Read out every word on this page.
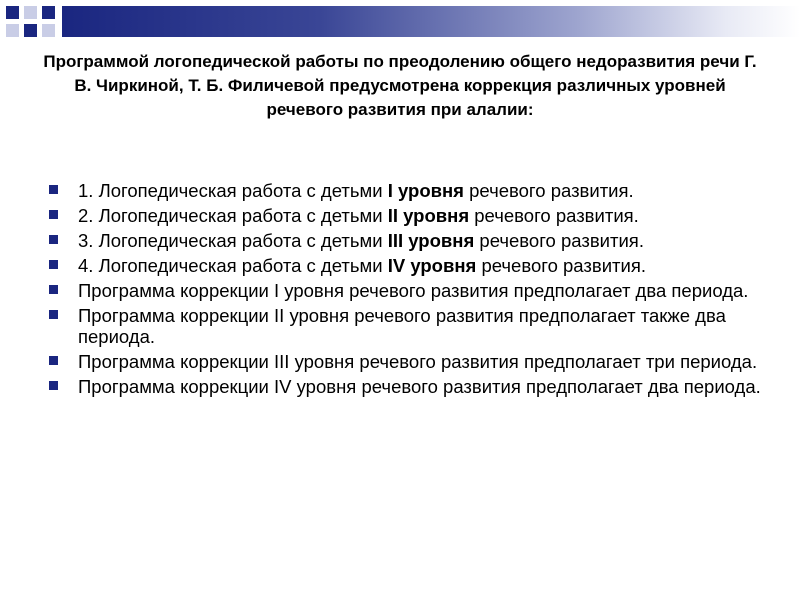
Программой логопедической работы по преодолению общего недоразвития речи Г. В. Чиркиной, Т. Б. Филичевой предусмотрена коррекция различных уровней речевого развития при алалии:
1. Логопедическая работа с детьми I уровня речевого развития.
2. Логопедическая работа с детьми II уровня речевого развития.
3. Логопедическая работа с детьми III уровня речевого развития.
4. Логопедическая работа с детьми IV уровня речевого развития.
Программа коррекции I уровня речевого развития предполагает два периода.
Программа коррекции II уровня речевого развития предполагает также два периода.
Программа коррекции III уровня речевого развития предполагает три периода.
Программа коррекции IV уровня речевого развития предполагает два периода.
